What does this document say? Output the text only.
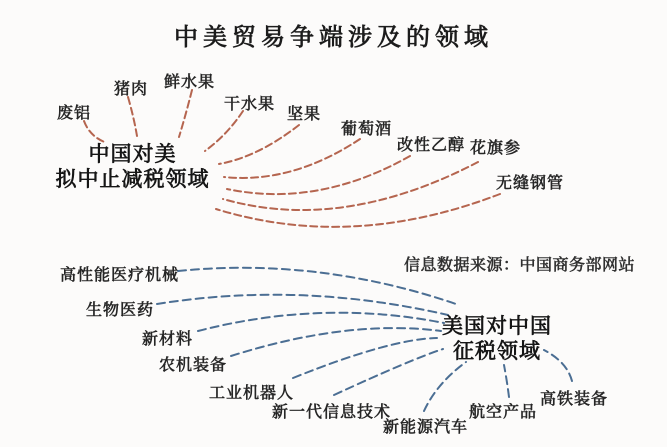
中美贸易争端涉及的领域
中国对美
拟中止减税领域
废铝
猪肉 鲜水果
干水果
坚果
葡萄酒
改性乙醇 花旗参
无缝钢管
信息数据来源：中国商务部网站
美国对中国
征税领域
高性能医疗机械
生物医药
新材料
农机装备
工业机器人
新一代信息技术
新能源汽车
航空产品
高铁装备
